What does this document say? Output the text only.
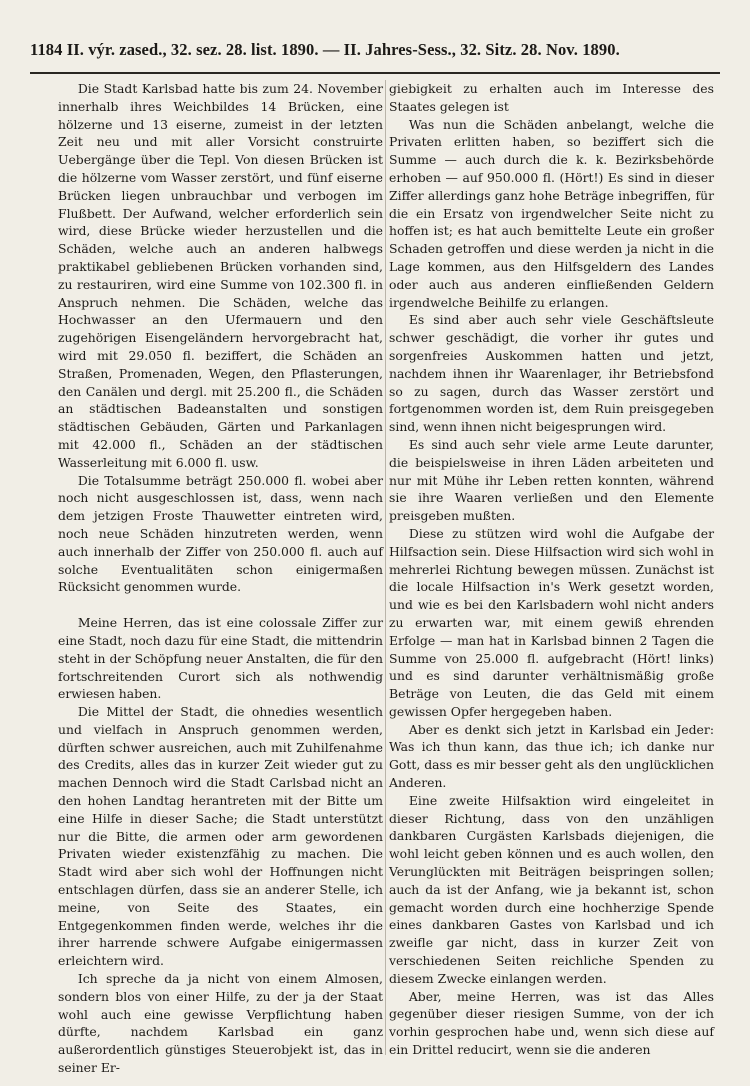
1184 II. výr. zased., 32. sez. 28. list. 1890. — II. Jahres-Sess., 32. Sitz. 28. Nov. 1890.

Die Stadt Karlsbad hatte bis zum 24. November innerhalb ihres Weichbildes 14 Brücken, eine hölzerne und 13 eiserne, zumeist in der letzten Zeit neu und mit aller Vorsicht construirte Uebergänge über die Tepl. Von diesen Brücken ist die hölzerne vom Wasser zerstört, und fünf eiserne Brücken liegen unbrauchbar und verbogen im Flußbett. Der Aufwand, welcher erforderlich sein wird, diese Brücke wieder herzustellen und die Schäden, welche auch an anderen halbwegs praktikabel gebliebenen Brücken vorhanden sind, zu restauriren, wird eine Summe von 102.300 fl. in Anspruch nehmen. Die Schäden, welche das Hochwasser an den Ufermauern und den zugehörigen Eisengeländern hervorgebracht hat, wird mit 29.050 fl. beziffert, die Schäden an Straßen, Promenaden, Wegen, den Pflasterungen, den Canälen und dergl. mit 25.200 fl., die Schäden an städtischen Badeanstalten und sonstigen städtischen Gebäuden, Gärten und Parkanlagen mit 42.000 fl., Schäden an der städtischen Wasserleitung mit 6.000 fl. usw.

Die Totalsumme beträgt 250.000 fl. wobei aber noch nicht ausgeschlossen ist, dass, wenn nach dem jetzigen Froste Thauwetter eintreten wird, noch neue Schäden hinzutreten werden, wenn auch innerhalb der Ziffer von 250.000 fl. auch auf solche Eventualitäten schon einigermaßen Rücksicht genommen wurde.

Meine Herren, das ist eine colossale Ziffer zur eine Stadt, noch dazu für eine Stadt, die mittendrin steht in der Schöpfung neuer Anstalten, die für den fortschreitenden Curort sich als nothwendig erwiesen haben.

Die Mittel der Stadt, die ohnedies wesentlich und vielfach in Anspruch genommen werden, dürften schwer ausreichen, auch mit Zuhilfenahme des Credits, alles das in kurzer Zeit wieder gut zu machen Dennoch wird die Stadt Carlsbad nicht an den hohen Landtag herantreten mit der Bitte um eine Hilfe in dieser Sache; die Stadt unterstützt nur die Bitte, die armen oder arm gewordenen Privaten wieder existenzfähig zu machen. Die Stadt wird aber sich wohl der Hoffnungen nicht entschlagen dürfen, dass sie an anderer Stelle, ich meine, von Seite des Staates, ein Entgegenkommen finden werde, welches ihr die ihrer harrende schwere Aufgabe einigermassen erleichtern wird.

Ich spreche da ja nicht von einem Almosen, sondern blos von einer Hilfe, zu der ja der Staat wohl auch eine gewisse Verpflichtung haben dürfte, nachdem Karlsbad ein ganz außerordentlich günstiges Steuerobjekt ist, das in seiner Er-

giebigkeit zu erhalten auch im Interesse des Staates gelegen ist

Was nun die Schäden anbelangt, welche die Privaten erlitten haben, so beziffert sich die Summe — auch durch die k. k. Bezirksbehörde erhoben — auf 950.000 fl. (Hört!) Es sind in dieser Ziffer allerdings ganz hohe Beträge inbegriffen, für die ein Ersatz von irgendwelcher Seite nicht zu hoffen ist; es hat auch bemittelte Leute ein großer Schaden getroffen und diese werden ja nicht in die Lage kommen, aus den Hilfsgeldern des Landes oder auch aus anderen einfließenden Geldern irgendwelche Beihilfe zu erlangen.

Es sind aber auch sehr viele Geschäftsleute schwer geschädigt, die vorher ihr gutes und sorgenfreies Auskommen hatten und jetzt, nachdem ihnen ihr Waarenlager, ihr Betriebsfond so zu sagen, durch das Wasser zerstört und fortgenommen worden ist, dem Ruin preisgegeben sind, wenn ihnen nicht beigesprungen wird.

Es sind auch sehr viele arme Leute darunter, die beispielsweise in ihren Läden arbeiteten und nur mit Mühe ihr Leben retten konnten, während sie ihre Waaren verließen und den Elemente preisgeben mußten.

Diese zu stützen wird wohl die Aufgabe der Hilfsaction sein. Diese Hilfsaction wird sich wohl in mehrerlei Richtung bewegen müssen. Zunächst ist die locale Hilfsaction in's Werk gesetzt worden, und wie es bei den Karlsbadern wohl nicht anders zu erwarten war, mit einem gewiß ehrenden Erfolge — man hat in Karlsbad binnen 2 Tagen die Summe von 25.000 fl. aufgebracht (Hört! links) und es sind darunter verhältnismäßig große Beträge von Leuten, die das Geld mit einem gewissen Opfer hergegeben haben.

Aber es denkt sich jetzt in Karlsbad ein Jeder: Was ich thun kann, das thue ich; ich danke nur Gott, dass es mir besser geht als den unglücklichen Anderen.

Eine zweite Hilfsaktion wird eingeleitet in dieser Richtung, dass von den unzähligen dankbaren Curgästen Karlsbads diejenigen, die wohl leicht geben können und es auch wollen, den Verunglückten mit Beiträgen beispringen sollen; auch da ist der Anfang, wie ja bekannt ist, schon gemacht worden durch eine hochherzige Spende eines dankbaren Gastes von Karlsbad und ich zweifle gar nicht, dass in kurzer Zeit von verschiedenen Seiten reichliche Spenden zu diesem Zwecke einlangen werden.

Aber, meine Herren, was ist das Alles gegenüber dieser riesigen Summe, von der ich vorhin gesprochen habe und, wenn sich diese auf ein Drittel reducirt, wenn sie die anderen
